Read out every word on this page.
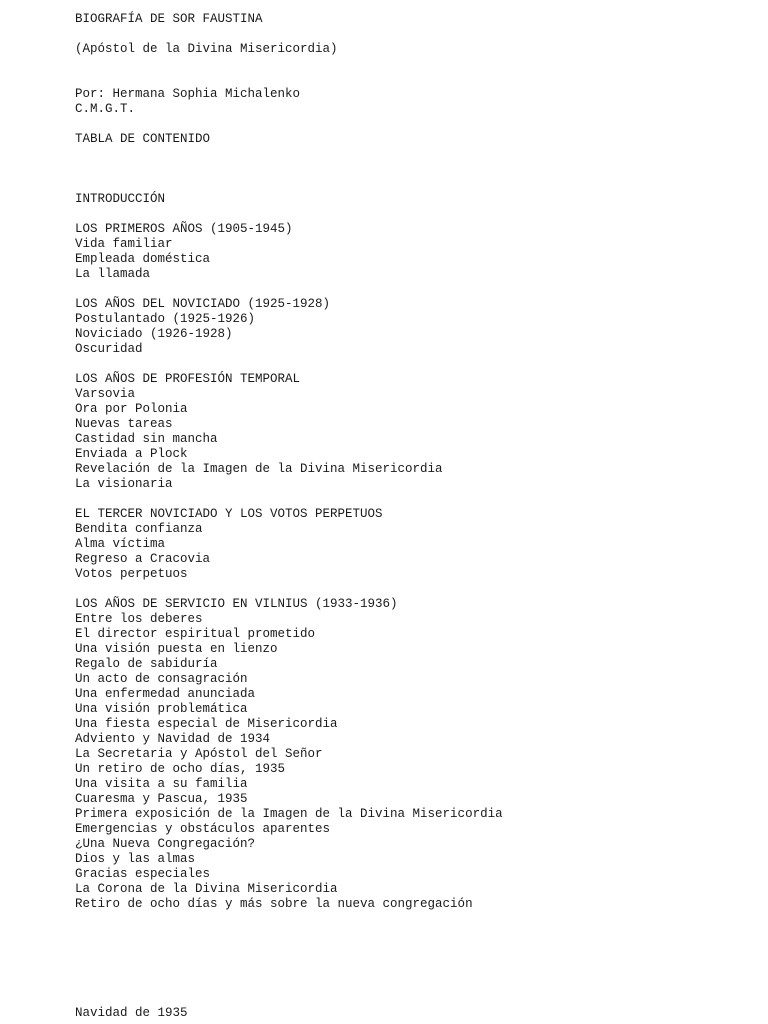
BIOGRAFÍA DE SOR FAUSTINA
(Apóstol de la Divina Misericordia)
Por: Hermana Sophia Michalenko
C.M.G.T.
TABLA DE CONTENIDO
INTRODUCCIÓN
LOS PRIMEROS AÑOS (1905-1945)
Vida familiar
Empleada doméstica
La llamada
LOS AÑOS DEL NOVICIADO (1925-1928)
Postulantado (1925-1926)
Noviciado (1926-1928)
Oscuridad
LOS AÑOS DE PROFESIÓN TEMPORAL
Varsovia
Ora por Polonia
Nuevas tareas
Castidad sin mancha
Enviada a Plock
Revelación de la Imagen de la Divina Misericordia
La visionaria
EL TERCER NOVICIADO Y LOS VOTOS PERPETUOS
Bendita confianza
Alma víctima
Regreso a Cracovia
Votos perpetuos
LOS AÑOS DE SERVICIO EN VILNIUS (1933-1936)
Entre los deberes
El director espiritual prometido
Una visión puesta en lienzo
Regalo de sabiduría
Un acto de consagración
Una enfermedad anunciada
Una visión problemática
Una fiesta especial de Misericordia
Adviento y Navidad de 1934
La Secretaria y Apóstol del Señor
Un retiro de ocho días, 1935
Una visita a su familia
Cuaresma y Pascua, 1935
Primera exposición de la Imagen de la Divina Misericordia
Emergencias y obstáculos aparentes
¿Una Nueva Congregación?
Dios y las almas
Gracias especiales
La Corona de la Divina Misericordia
Retiro de ocho días y más sobre la nueva congregación
Navidad de 1935
